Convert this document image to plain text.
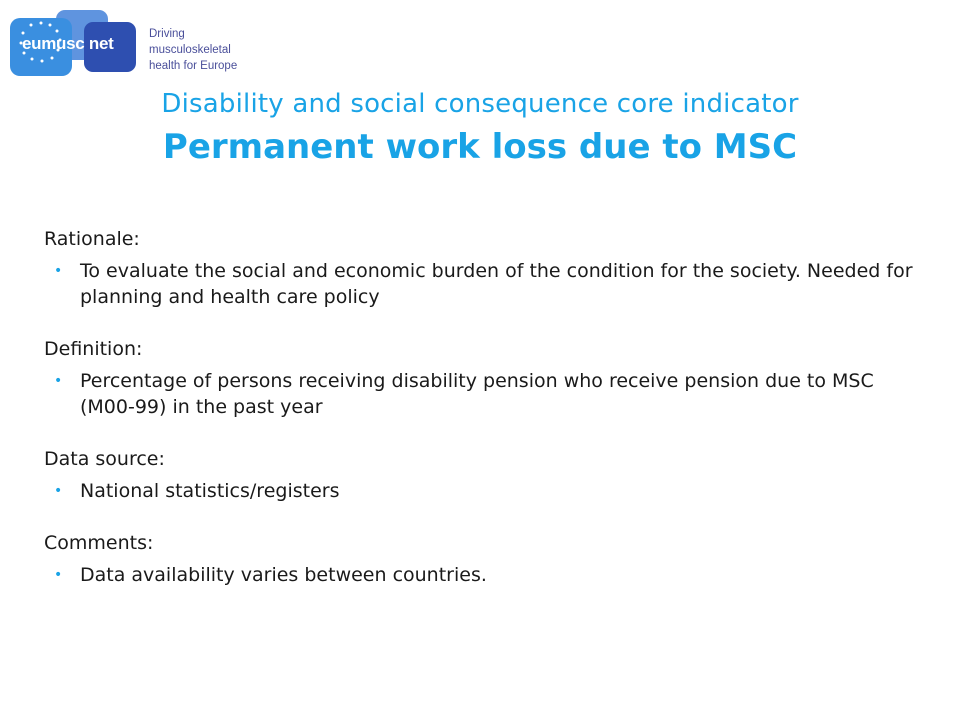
eumusc net	Driving musculoskeletal
health for Europe
Disability and social consequence core indicator
Permanent work loss due to MSC
Rationale:
• To evaluate the social and economic burden of the condition for the society. Needed for planning and health care policy
Definition:
• Percentage of persons receiving disability pension who receive pension due to MSC (M00-99) in the past year
Data source:
• National statistics/registers
Comments:
• Data availability varies between countries.
